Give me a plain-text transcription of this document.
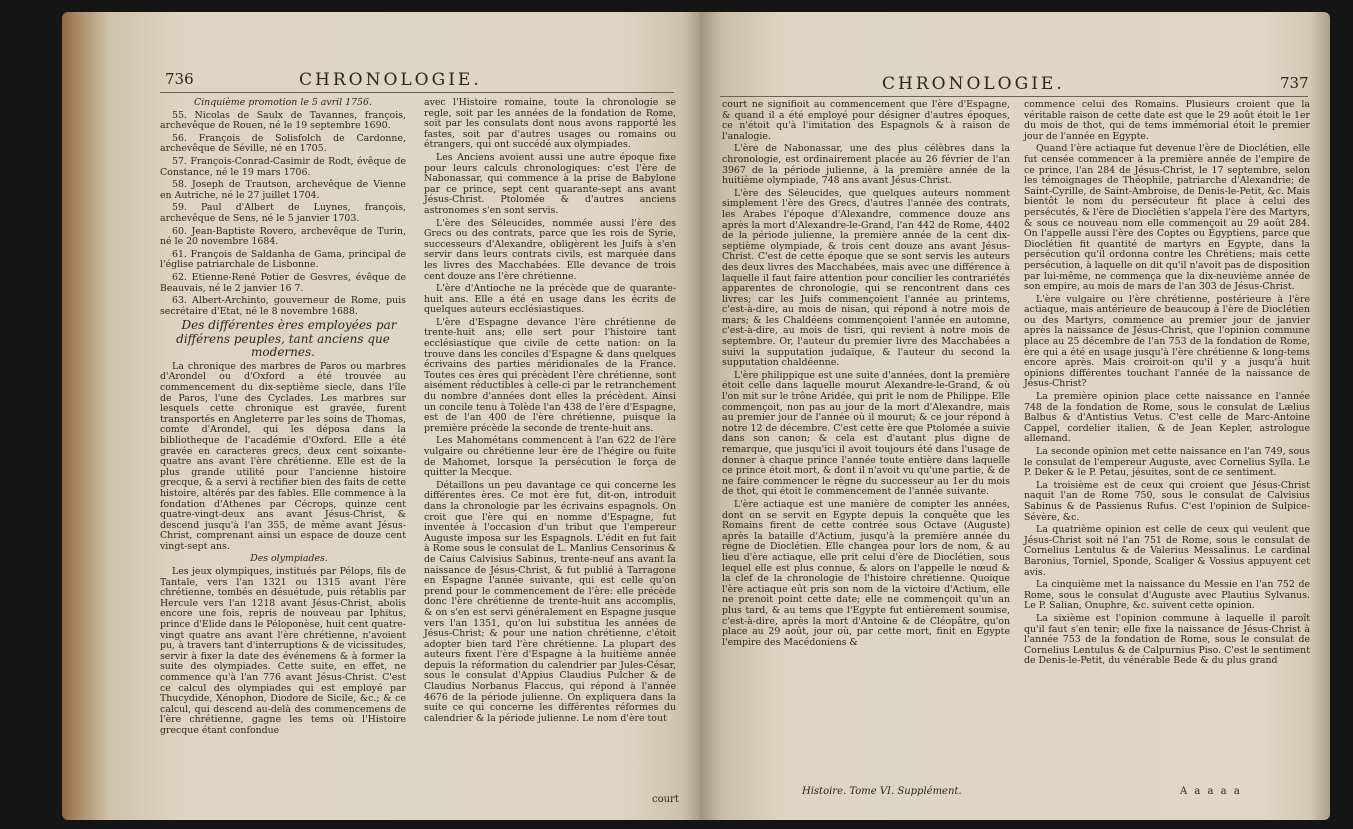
736	CHRONOLOGIE.

Cinquième promotion le 5 avril 1756.

55. Nicolas de Saulx de Tavannes, françois, archevêque de Rouen, né le 19 septembre 1690.

56. François de Solisfolch de Cardonne, archevêque de Séville, né en 1705.

57. François-Conrad-Casimir de Rodt, évêque de Constance, né le 19 mars 1706.

58. Joseph de Trautson, archevêque de Vienne en Autriche, né le 27 juillet 1704.

59. Paul d'Albert de Luynes, françois, archevêque de Sens, né le 5 janvier 1703.

60. Jean-Baptiste Rovero, archevêque de Turin, né le 20 novembre 1684.

61. François de Saldanha de Gama, principal de l'église patriarchale de Lisbonne.

62. Etienne-René Potier de Gesvres, évêque de Beauvais, né le 2 janvier 16 7.

63. Albert-Archinto, gouverneur de Rome, puis secrétaire d'Etat, né le 8 novembre 1688.

Des différentes ères employées par différens peuples, tant anciens que modernes.

La chronique des marbres de Paros ou marbres d'Arondel ou d'Oxford a été trouvée au commencement du dix-septième siecle, dans l'île de Paros, l'une des Cyclades. Les marbres sur lesquels cette chronique est gravée, furent transportés en Angleterre par les soins de Thomas, comte d'Arondel, qui les déposa dans la bibliotheque de l'académie d'Oxford. Elle a été gravée en caracteres grecs, deux cent soixante-quatre ans avant l'ère chrétienne. Elle est de la plus grande utilité pour l'ancienne histoire grecque, & a servi à rectifier bien des faits de cette histoire, altérés par des fables. Elle commence à la fondation d'Athenes par Cécrops, quinze cent quatre-vingt-deux ans avant Jésus-Christ, & descend jusqu'à l'an 355, de même avant Jésus-Christ, comprenant ainsi un espace de douze cent vingt-sept ans.

Des olympiades.

Les jeux olympiques, institués par Pélops, fils de Tantale, vers l'an 1321 ou 1315 avant l'ère chrétienne, tombés en désuétude, puis rétablis par Hercule vers l'an 1218 avant Jésus-Christ, abolis encore une fois, repris de nouveau par Iphitus, prince d'Elide dans le Péloponèse, huit cent quatre-vingt quatre ans avant l'ère chrétienne, n'avoient pu, à travers tant d'interruptions & de vicissitudes, servir à fixer la date des événemens & à former la suite des olympiades. Cette suite, en effet, ne commence qu'à l'an 776 avant Jésus-Christ. C'est ce calcul des olympiades qui est employé par Thucydide, Xénophon, Diodore de Sicile, &c.; & ce calcul, qui descend au-delà des commencemens de l'ère chrétienne, gagne les tems où l'Histoire grecque étant confondue

avec l'Histoire romaine, toute la chronologie se regle, soit par les années de la fondation de Rome, soit par les consulats dont nous avons rapporté les fastes, soit par d'autres usages ou romains ou étrangers, qui ont succédé aux olympiades.

Les Anciens avoient aussi une autre époque fixe pour leurs calculs chronologiques: c'est l'ère de Nabonassar, qui commence à la prise de Babylone par ce prince, sept cent quarante-sept ans avant Jésus-Christ. Ptolomée & d'autres anciens astronomes s'en sont servis.

L'ère des Séleucides, nommée aussi l'ère des Grecs ou des contrats, parce que les rois de Syrie, successeurs d'Alexandre, obligèrent les Juifs à s'en servir dans leurs contrats civils, est marquée dans les livres des Macchabées. Elle devance de trois cent douze ans l'ère chrétienne.

L'ère d'Antioche ne la précède que de quarante-huit ans. Elle a été en usage dans les écrits de quelques auteurs ecclésiastiques.

L'ère d'Espagne devance l'ère chrétienne de trente-huit ans; elle sert pour l'histoire tant ecclésiastique que civile de cette nation: on la trouve dans les conciles d'Espagne & dans quelques écrivains des parties méridionales de la France. Toutes ces ères qui précèdent l'ère chrétienne, sont aisément réductibles à celle-ci par le retranchement du nombre d'années dont elles la précèdent. Ainsi un concile tenu à Tolède l'an 438 de l'ère d'Espagne, est de l'an 400 de l'ère chrétienne, puisque la première précède la seconde de trente-huit ans.

Les Mahométans commencent à l'an 622 de l'ère vulgaire ou chrétienne leur ère de l'hégire ou fuite de Mahomet, lorsque la persécution le força de quitter la Mecque.

Détaillons un peu davantage ce qui concerne les différentes ères. Ce mot ère fut, dit-on, introduit dans la chronologie par les écrivains espagnols. On croit que l'ère qui en nomme d'Espagne, fut inventée à l'occasion d'un tribut que l'empereur Auguste imposa sur les Espagnols. L'édit en fut fait à Rome sous le consulat de L. Manlius Censorinus & de Caius Calvisius Sabinus, trente-neuf ans avant la naissance de Jésus-Christ, & fut publié à Tarragone en Espagne l'année suivante, qui est celle qu'on prend pour le commencement de l'ère: elle précède donc l'ère chrétienne de trente-huit ans accomplis, & on s'en est servi généralement en Espagne jusque vers l'an 1351, qu'on lui substitua les années de Jésus-Christ; & pour une nation chrétienne, c'étoit adopter bien tard l'ère chrétienne. La plupart des auteurs fixent l'ère d'Espagne à la huitième année depuis la réformation du calendrier par Jules-César, sous le consulat d'Appius Claudius Pulcher & de Claudius Norbanus Flaccus, qui répond à l'année 4676 de la période julienne. On expliquera dans la suite ce qui concerne les différentes réformes du calendrier & la période julienne. Le nom d'ère tout

court
CHRONOLOGIE.	737

court ne signifioit au commencement que l'ère d'Espagne, & quand il a été employé pour désigner d'autres époques, ce n'étoit qu'à l'imitation des Espagnols & à raison de l'analogie.

L'ère de Nabonassar, une des plus célèbres dans la chronologie, est ordinairement placée au 26 février de l'an 3967 de la période julienne, à la première année de la huitième olympiade, 748 ans avant Jésus-Christ.

L'ère des Séleucides, que quelques auteurs nomment simplement l'ère des Grecs, d'autres l'année des contrats, les Arabes l'époque d'Alexandre, commence douze ans après la mort d'Alexandre-le-Grand, l'an 442 de Rome, 4402 de la période julienne, la première année de la cent dix-septième olympiade, & trois cent douze ans avant Jésus-Christ. C'est de cette époque que se sont servis les auteurs des deux livres des Macchabées, mais avec une différence à laquelle il faut faire attention pour concilier les contrariétés apparentes de chronologie, qui se rencontrent dans ces livres; car les Juifs commençoient l'année au printems, c'est-à-dire, au mois de nisan, qui répond à notre mois de mars; & les Chaldéens commençoient l'année en automne, c'est-à-dire, au mois de tisri, qui revient à notre mois de septembre. Or, l'auteur du premier livre des Macchabées a suivi la supputation judaïque, & l'auteur du second la supputation chaldéenne.

L'ère philippique est une suite d'années, dont la première étoit celle dans laquelle mourut Alexandre-le-Grand, & où l'on mit sur le trône Aridée, qui prit le nom de Philippe. Elle commençoit, non pas au jour de la mort d'Alexandre, mais au premier jour de l'année où il mourut; & ce jour répond à notre 12 de décembre. C'est cette ère que Ptolomée a suivie dans son canon; & cela est d'autant plus digne de remarque, que jusqu'ici il avoit toujours été dans l'usage de donner à chaque prince l'année toute entière dans laquelle ce prince étoit mort, & dont il n'avoit vu qu'une partie, & de ne faire commencer le règne du successeur au 1er du mois de thot, qui étoit le commencement de l'année suivante.

L'ère actiaque est une manière de compter les années, dont on se servit en Egypte depuis la conquête que les Romains firent de cette contrée sous Octave (Auguste) après la bataille d'Actium, jusqu'à la première année du règne de Dioclétien. Elle changea pour lors de nom, & au lieu d'ère actiaque, elle prit celui d'ère de Dioclétien, sous lequel elle est plus connue, & alors on l'appelle le nœud & la clef de la chronologie de l'histoire chrétienne. Quoique l'ère actiaque eût pris son nom de la victoire d'Actium, elle ne prenoit point cette date; elle ne commençoit qu'un an plus tard, & au tems que l'Egypte fut entièrement soumise, c'est-à-dire, après la mort d'Antoine & de Cléopâtre, qu'on place au 29 août, jour où, par cette mort, finit en Egypte l'empire des Macédoniens &

commence celui des Romains. Plusieurs croient que la véritable raison de cette date est que le 29 août étoit le 1er du mois de thot, qui de tems immémorial étoit le premier jour de l'année en Egypte.

Quand l'ère actiaque fut devenue l'ère de Dioclétien, elle fut censée commencer à la première année de l'empire de ce prince, l'an 284 de Jésus-Christ, le 17 septembre, selon les témoignages de Théophile, patriarche d'Alexandrie; de Saint-Cyrille, de Saint-Ambroise, de Denis-le-Petit, &c. Mais bientôt le nom du persécuteur fit place à celui des persécutés, & l'ère de Dioclétien s'appela l'ère des Martyrs, & sous ce nouveau nom elle commençoit au 29 août 284. On l'appelle aussi l'ère des Coptes ou Egyptiens, parce que Dioclétien fit quantité de martyrs en Egypte, dans la persécution qu'il ordonna contre les Chrétiens; mais cette persécution, à laquelle on dit qu'il n'avoit pas de disposition par lui-même, ne commença que la dix-neuvième année de son empire, au mois de mars de l'an 303 de Jésus-Christ.

L'ère vulgaire ou l'ère chrétienne, postérieure à l'ère actiaque, mais antérieure de beaucoup à l'ère de Dioclétien ou des Martyrs, commence au premier jour de janvier après la naissance de Jésus-Christ, que l'opinion commune place au 25 décembre de l'an 753 de la fondation de Rome, ère qui a été en usage jusqu'à l'ère chrétienne & long-tems encore après. Mais croiroit-on qu'il y a jusqu'à huit opinions différentes touchant l'année de la naissance de Jésus-Christ?

La première opinion place cette naissance en l'année 748 de la fondation de Rome, sous le consulat de Lælius Balbus & d'Antistius Vetus. C'est celle de Marc-Antoine Cappel, cordelier italien, & de Jean Kepler, astrologue allemand.

La seconde opinion met cette naissance en l'an 749, sous le consulat de l'empereur Auguste, avec Cornelius Sylla. Le P. Deker & le P. Petau, jésuites, sont de ce sentiment.

La troisième est de ceux qui croient que Jésus-Christ naquit l'an de Rome 750, sous le consulat de Calvisius Sabinus & de Passienus Rufus. C'est l'opinion de Sulpice-Sévère, &c.

La quatrième opinion est celle de ceux qui veulent que Jésus-Christ soit né l'an 751 de Rome, sous le consulat de Cornelius Lentulus & de Valerius Messalinus. Le cardinal Baronius, Torniel, Sponde, Scaliger & Vossius appuyent cet avis.

La cinquième met la naissance du Messie en l'an 752 de Rome, sous le consulat d'Auguste avec Plautius Sylvanus. Le P. Salian, Onuphre, &c. suivent cette opinion.

La sixième est l'opinion commune à laquelle il paroît qu'il faut s'en tenir; elle fixe la naissance de Jésus-Christ à l'année 753 de la fondation de Rome, sous le consulat de Cornelius Lentulus & de Calpurnius Piso. C'est le sentiment de Denis-le-Petit, du vénérable Bede & du plus grand

Histoire. Tome VI. Supplément.	A a a a a
